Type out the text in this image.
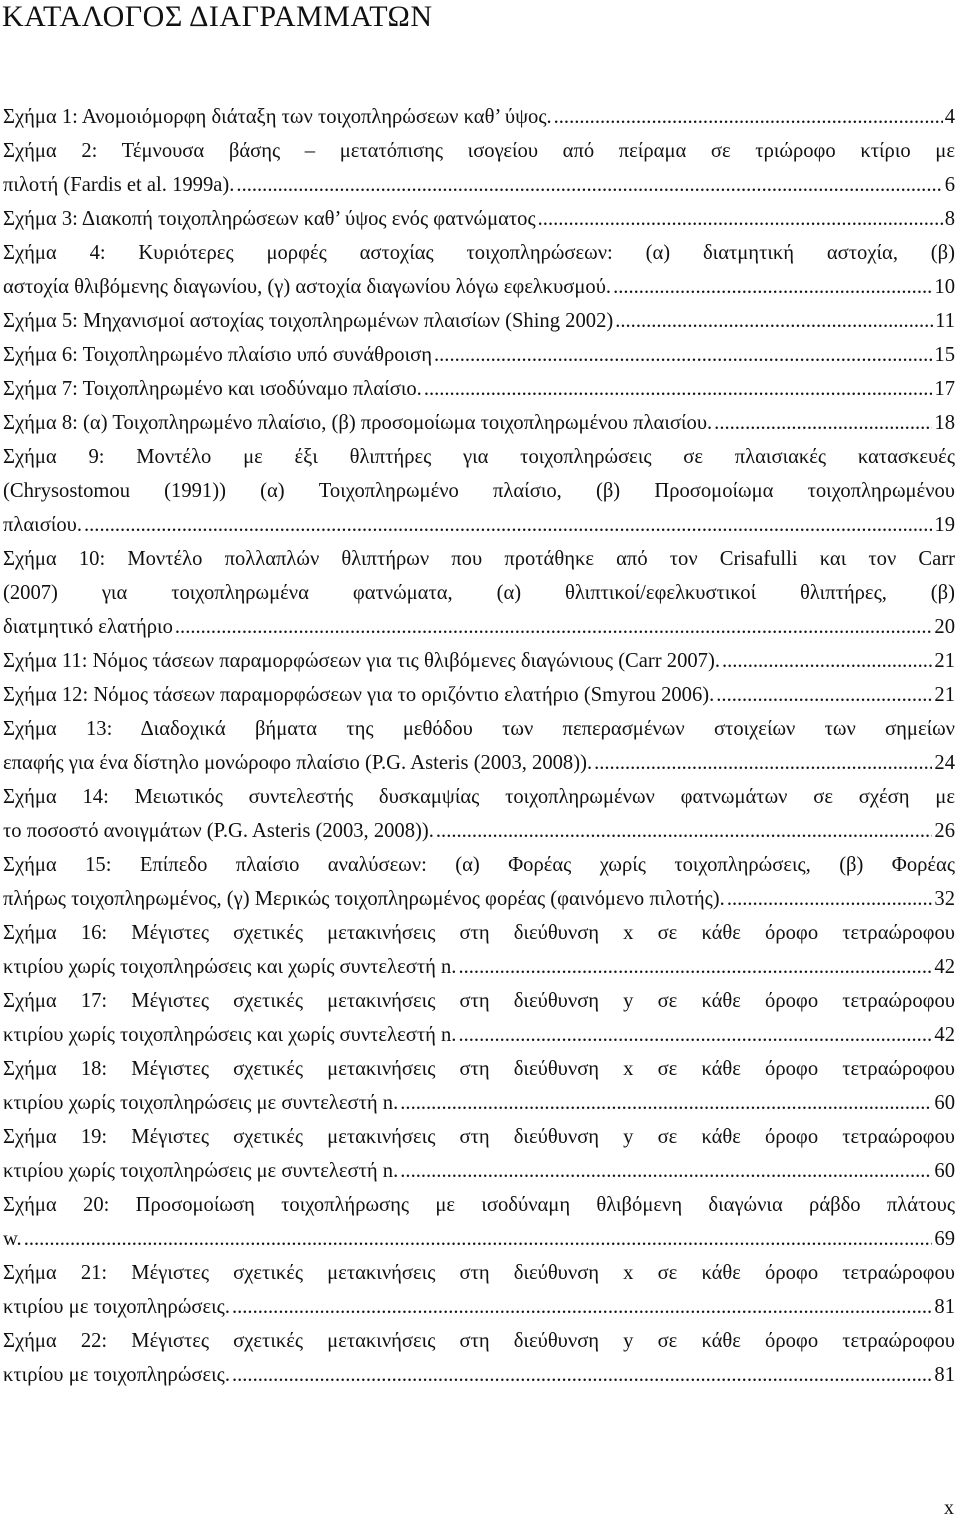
ΚΑΤΑΛΟΓΟΣ ΔΙΑΓΡΑΜΜΑΤΩΝ
Σχήμα 1: Ανομοιόμορφη διάταξη των τοιχοπληρώσεων καθ’ ύψος. .....	4
Σχήμα 2: Τέμνουσα βάσης – μετατόπισης ισογείου από πείραμα σε τριώροφο κτίριο με
πιλοτή (Fardis et al. 1999a). .....	6
Σχήμα 3: Διακοπή τοιχοπληρώσεων καθ’ ύψος ενός φατνώματος .....	8
Σχήμα 4: Κυριότερες μορφές αστοχίας τοιχοπληρώσεων: (α) διατμητική αστοχία, (β)
αστοχία θλιβόμενης διαγωνίου, (γ) αστοχία διαγωνίου λόγω εφελκυσμού. .....	10
Σχήμα 5: Μηχανισμοί αστοχίας τοιχοπληρωμένων πλαισίων (Shing 2002) .....	11
Σχήμα 6: Τοιχοπληρωμένο πλαίσιο υπό συνάθροιση .....	15
Σχήμα 7: Τοιχοπληρωμένο και ισοδύναμο πλαίσιο. .....	17
Σχήμα 8: (α) Τοιχοπληρωμένο πλαίσιο, (β) προσομοίωμα τοιχοπληρωμένου πλαισίου. .....	18
Σχήμα 9: Μοντέλο με έξι θλιπτήρες για τοιχοπληρώσεις σε πλαισιακές κατασκευές
(Chrysostomou (1991)) (α) Τοιχοπληρωμένο πλαίσιο, (β) Προσομοίωμα τοιχοπληρωμένου
πλαισίου. .....	19
Σχήμα 10: Μοντέλο πολλαπλών θλιπτήρων που προτάθηκε από τον Crisafulli και τον Carr
(2007) για τοιχοπληρωμένα φατνώματα, (α) θλιπτικοί/εφελκυστικοί θλιπτήρες, (β)
διατμητικό ελατήριο .....	20
Σχήμα 11: Νόμος τάσεων παραμορφώσεων για τις θλιβόμενες διαγώνιους (Carr 2007). .....	21
Σχήμα 12: Νόμος τάσεων παραμορφώσεων για το οριζόντιο ελατήριο (Smyrou 2006). .....	21
Σχήμα 13: Διαδοχικά βήματα της μεθόδου των πεπερασμένων στοιχείων των σημείων
επαφής για ένα δίστηλο μονώροφο πλαίσιο (P.G. Asteris (2003, 2008)). .....	24
Σχήμα 14: Μειωτικός συντελεστής δυσκαμψίας τοιχοπληρωμένων φατνωμάτων σε σχέση με
το ποσοστό ανοιγμάτων (P.G. Asteris (2003, 2008)). .....	26
Σχήμα 15: Επίπεδο πλαίσιο αναλύσεων: (α) Φορέας χωρίς τοιχοπληρώσεις, (β) Φορέας
πλήρως τοιχοπληρωμένος, (γ) Μερικώς τοιχοπληρωμένος φορέας (φαινόμενο πιλοτής). .....	32
Σχήμα 16: Μέγιστες σχετικές μετακινήσεις στη διεύθυνση x σε κάθε όροφο τετραώροφου
κτιρίου χωρίς τοιχοπληρώσεις και χωρίς συντελεστή n. .....	42
Σχήμα 17: Μέγιστες σχετικές μετακινήσεις στη διεύθυνση y σε κάθε όροφο τετραώροφου
κτιρίου χωρίς τοιχοπληρώσεις και χωρίς συντελεστή n. .....	42
Σχήμα 18: Μέγιστες σχετικές μετακινήσεις στη διεύθυνση x σε κάθε όροφο τετραώροφου
κτιρίου χωρίς τοιχοπληρώσεις με συντελεστή n. .....	60
Σχήμα 19: Μέγιστες σχετικές μετακινήσεις στη διεύθυνση y σε κάθε όροφο τετραώροφου
κτιρίου χωρίς τοιχοπληρώσεις με συντελεστή n. .....	60
Σχήμα 20: Προσομοίωση τοιχοπλήρωσης με ισοδύναμη θλιβόμενη διαγώνια ράβδο πλάτους
w. .....	69
Σχήμα 21: Μέγιστες σχετικές μετακινήσεις στη διεύθυνση x σε κάθε όροφο τετραώροφου
κτιρίου με τοιχοπληρώσεις. .....	81
Σχήμα 22: Μέγιστες σχετικές μετακινήσεις στη διεύθυνση y σε κάθε όροφο τετραώροφου
κτιρίου με τοιχοπληρώσεις. .....	81
x
